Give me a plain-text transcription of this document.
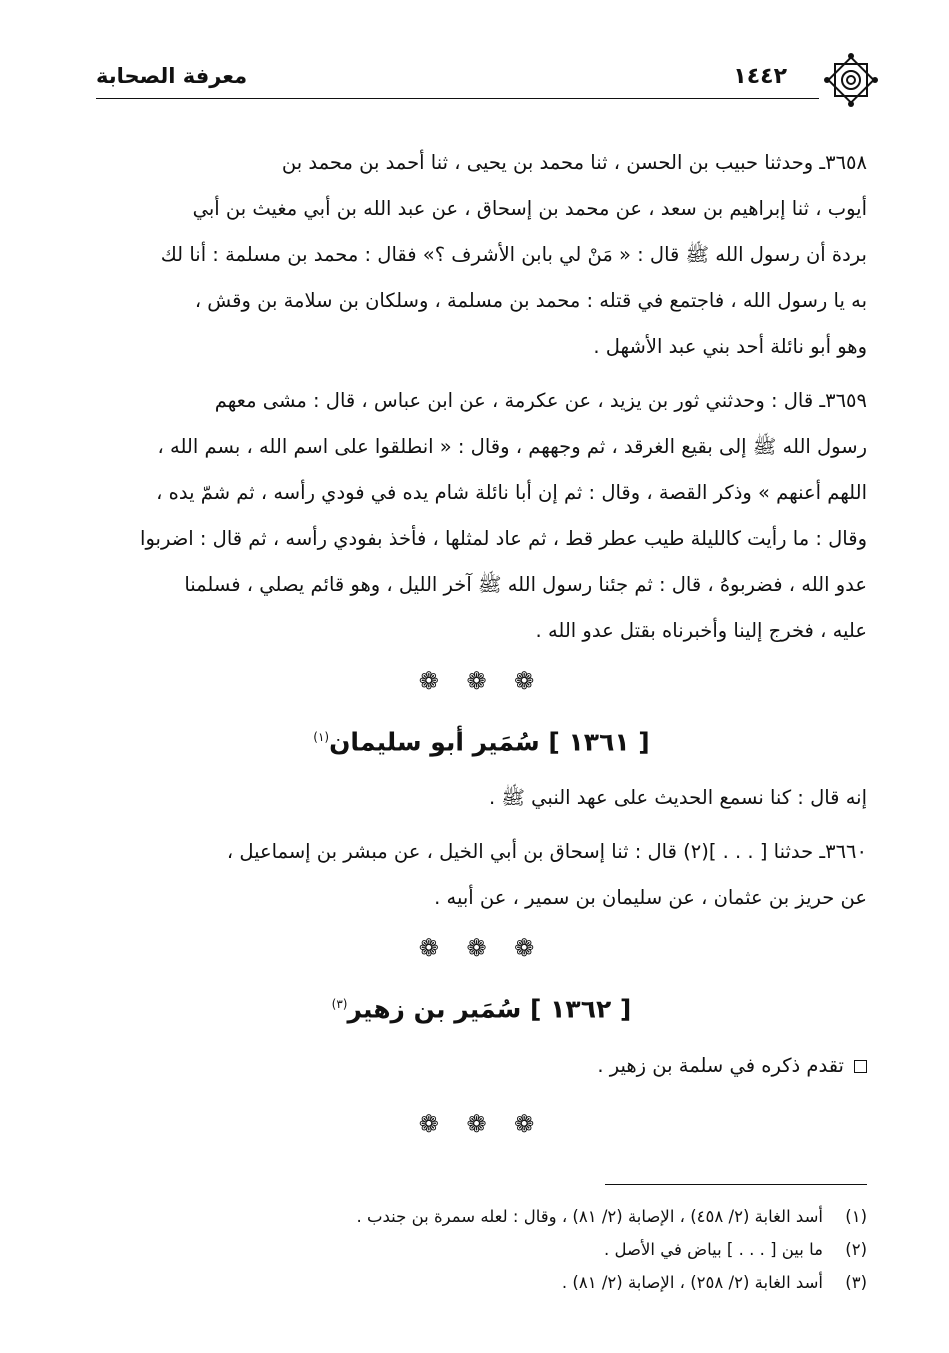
١٤٤٢
معرفة الصحابة
٣٦٥٨ـ وحدثنا حبيب بن الحسن ، ثنا محمد بن يحيى ، ثنا أحمد بن محمد بن
أيوب ، ثنا إبراهيم بن سعد ، عن محمد بن إسحاق ، عن عبد الله بن أبي مغيث بن أبي
بردة أن رسول الله ﷺ قال : « مَنْ لي بابن الأشرف ؟» فقال : محمد بن مسلمة : أنا لك
به يا رسول الله ، فاجتمع في قتله : محمد بن مسلمة ، وسلكان بن سلامة بن وقش ،
وهو أبو نائلة أحد بني عبد الأشهل .
٣٦٥٩ـ قال : وحدثني ثور بن يزيد ، عن عكرمة ، عن ابن عباس ، قال : مشى معهم
رسول الله ﷺ إلى بقيع الغرقد ، ثم وجههم ، وقال : « انطلقوا على اسم الله ، بسم الله ،
اللهم أعنهم » وذكر القصة ، وقال : ثم إن أبا نائلة شام يده في فودي رأسه ، ثم شمّ يده ،
وقال : ما رأيت كالليلة طيب عطر قط ، ثم عاد لمثلها ، فأخذ بفودي رأسه ، ثم قال : اضربوا
عدو الله ، فضربوهُ ، قال : ثم جئنا رسول الله ﷺ آخر الليل ، وهو قائم يصلي ، فسلمنا
عليه ، فخرج إلينا وأخبرناه بقتل عدو الله .
❁ ❁ ❁
[ ١٣٦١ ] سُمَير أبو سليمان$^{(١)}$
إنه قال : كنا نسمع الحديث على عهد النبي ﷺ .
٣٦٦٠ـ حدثنا [ . . . ](٢) قال : ثنا إسحاق بن أبي الخيل ، عن مبشر بن إسماعيل ،
عن حريز بن عثمان ، عن سليمان بن سمير ، عن أبيه .
❁ ❁ ❁
[ ١٣٦٢ ] سُمَير بن زهير$^{(٣)}$
تقدم ذكره في سلمة بن زهير .
❁ ❁ ❁
(١)أسد الغابة (٢/ ٤٥٨) ، الإصابة (٢/ ٨١) ، وقال : لعله سمرة بن جندب .
(٢)ما بين [ . . . ] بياض في الأصل .
(٣)أسد الغابة (٢/ ٢٥٨) ، الإصابة (٢/ ٨١) .
